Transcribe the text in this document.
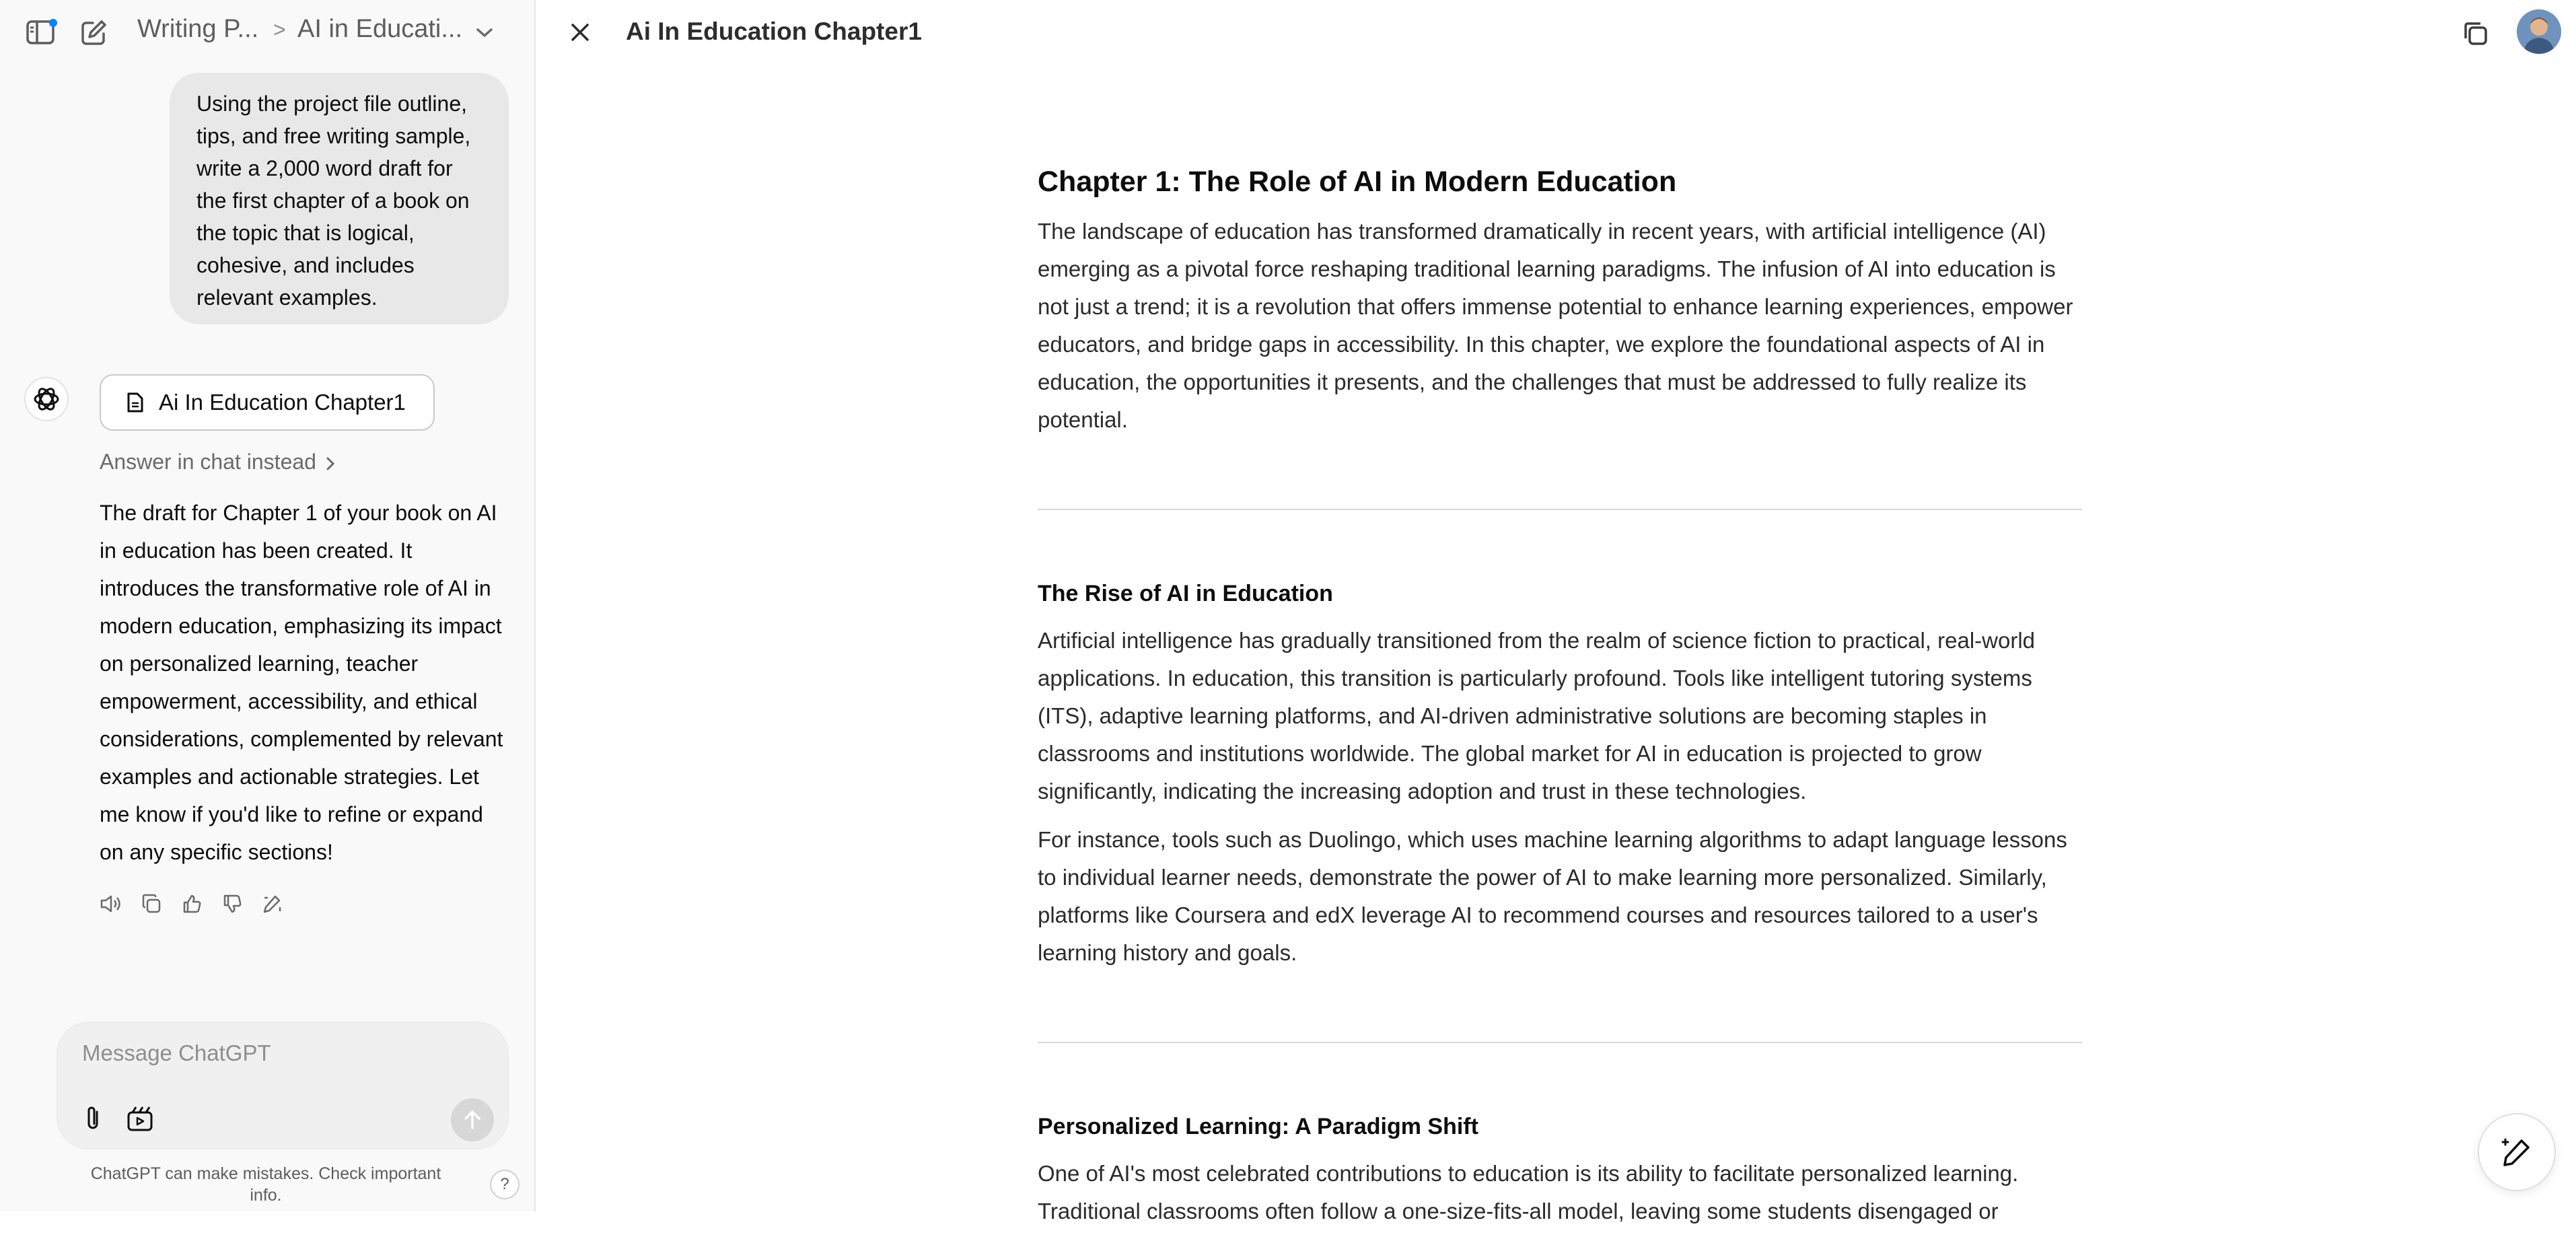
Writing P... > AI in Educati...
Using the project file outline, tips, and free writing sample, write a 2,000 word draft for the first chapter of a book on the topic that is logical, cohesive, and includes relevant examples.
Ai In Education Chapter1
Answer in chat instead
The draft for Chapter 1 of your book on AI in education has been created. It introduces the transformative role of AI in modern education, emphasizing its impact on personalized learning, teacher empowerment, accessibility, and ethical considerations, complemented by relevant examples and actionable strategies. Let me know if you'd like to refine or expand on any specific sections!
Message ChatGPT
ChatGPT can make mistakes. Check important info.
?
Ai In Education Chapter1
Chapter 1: The Role of AI in Modern Education

The landscape of education has transformed dramatically in recent years, with artificial intelligence (AI) emerging as a pivotal force reshaping traditional learning paradigms. The infusion of AI into education is not just a trend; it is a revolution that offers immense potential to enhance learning experiences, empower educators, and bridge gaps in accessibility. In this chapter, we explore the foundational aspects of AI in education, the opportunities it presents, and the challenges that must be addressed to fully realize its potential.

The Rise of AI in Education

Artificial intelligence has gradually transitioned from the realm of science fiction to practical, real-world applications. In education, this transition is particularly profound. Tools like intelligent tutoring systems (ITS), adaptive learning platforms, and AI-driven administrative solutions are becoming staples in classrooms and institutions worldwide. The global market for AI in education is projected to grow significantly, indicating the increasing adoption and trust in these technologies.

For instance, tools such as Duolingo, which uses machine learning algorithms to adapt language lessons to individual learner needs, demonstrate the power of AI to make learning more personalized. Similarly, platforms like Coursera and edX leverage AI to recommend courses and resources tailored to a user's learning history and goals.

Personalized Learning: A Paradigm Shift

One of AI's most celebrated contributions to education is its ability to facilitate personalized learning. Traditional classrooms often follow a one-size-fits-all model, leaving some students disengaged or
